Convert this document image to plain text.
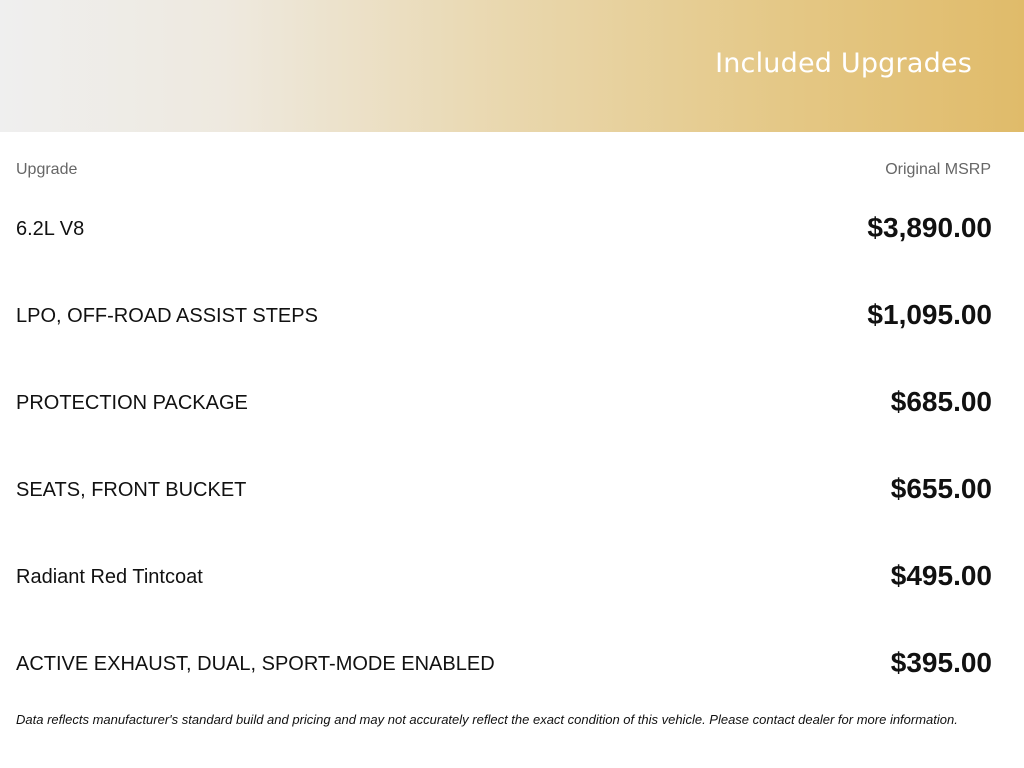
Included Upgrades
Upgrade	Original MSRP
6.2L V8	$3,890.00
LPO, OFF-ROAD ASSIST STEPS	$1,095.00
PROTECTION PACKAGE	$685.00
SEATS, FRONT BUCKET	$655.00
Radiant Red Tintcoat	$495.00
ACTIVE EXHAUST, DUAL, SPORT-MODE ENABLED	$395.00
Data reflects manufacturer's standard build and pricing and may not accurately reflect the exact condition of this vehicle. Please contact dealer for more information.
